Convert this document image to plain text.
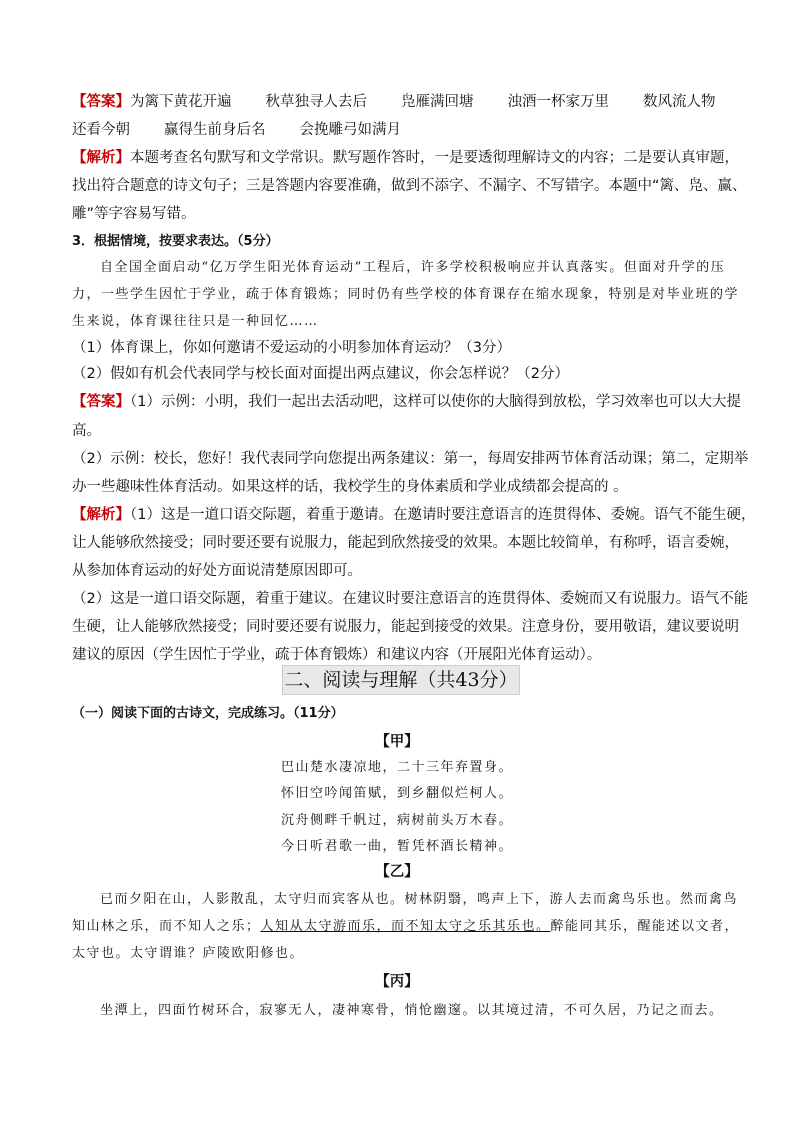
【答案】为篱下黄花开遍 秋草独寻人去后 凫雁满回塘 浊酒一杯家万里 数风流人物
还看今朝 赢得生前身后名 会挽雕弓如满月
【解析】本题考查名句默写和文学常识。默写题作答时，一是要透彻理解诗文的内容；二是要认真审题，
找出符合题意的诗文句子；三是答题内容要准确，做到不添字、不漏字、不写错字。本题中“篱、凫、赢、
雕”等字容易写错。
3．根据情境，按要求表达。（5分）
自全国全面启动“亿万学生阳光体育运动”工程后，许多学校积极响应并认真落实。但面对升学的压
力，一些学生因忙于学业，疏于体育锻炼；同时仍有些学校的体育课存在缩水现象，特别是对毕业班的学
生来说，体育课往往只是一种回忆……
（1）体育课上，你如何邀请不爱运动的小明参加体育运动？（3分）
（2）假如有机会代表同学与校长面对面提出两点建议，你会怎样说？（2分）
【答案】（1）示例：小明，我们一起出去活动吧，这样可以使你的大脑得到放松，学习效率也可以大大提
高。
（2）示例：校长，您好！我代表同学向您提出两条建议：第一，每周安排两节体育活动课；第二，定期举
办一些趣味性体育活动。如果这样的话，我校学生的身体素质和学业成绩都会提高的 。
【解析】（1）这是一道口语交际题，着重于邀请。在邀请时要注意语言的连贯得体、委婉。语气不能生硬，
让人能够欣然接受；同时要还要有说服力，能起到欣然接受的效果。本题比较简单，有称呼，语言委婉，
从参加体育运动的好处方面说清楚原因即可。
（2）这是一道口语交际题，着重于建议。在建议时要注意语言的连贯得体、委婉而又有说服力。语气不能
生硬，让人能够欣然接受；同时要还要有说服力，能起到接受的效果。注意身份，要用敬语，建议要说明
建议的原因（学生因忙于学业，疏于体育锻炼）和建议内容（开展阳光体育运动）。
二、阅读与理解（共43分）
（一）阅读下面的古诗文，完成练习。（11分）
【甲】
巴山楚水凄凉地，二十三年弃置身。
怀旧空吟闻笛赋，到乡翻似烂柯人。
沉舟侧畔千帆过，病树前头万木春。
今日听君歌一曲，暂凭杯酒长精神。
【乙】
已而夕阳在山，人影散乱，太守归而宾客从也。树林阴翳，鸣声上下，游人去而禽鸟乐也。然而禽鸟
知山林之乐，而不知人之乐；人知从太守游而乐，而不知太守之乐其乐也。醉能同其乐，醒能述以文者，
太守也。太守谓谁？庐陵欧阳修也。
【丙】
坐潭上，四面竹树环合，寂寥无人，凄神寒骨，悄怆幽邃。以其境过清，不可久居，乃记之而去。
